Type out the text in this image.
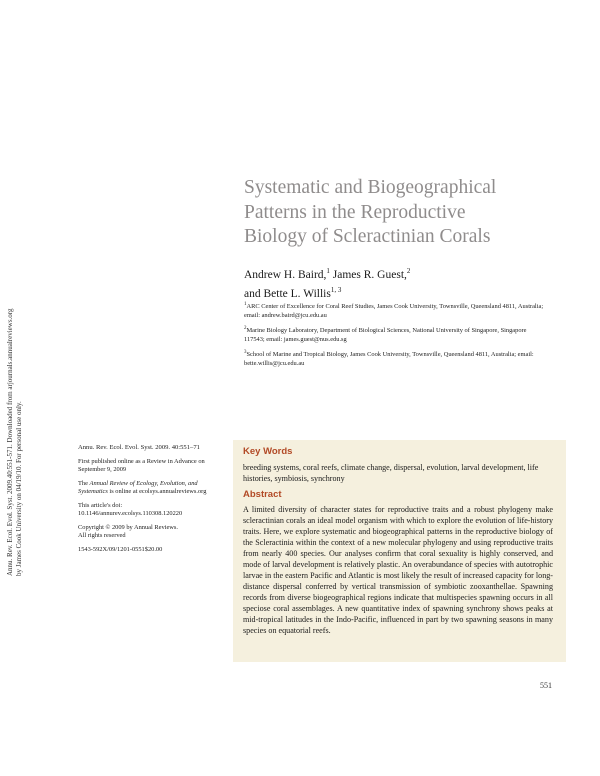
Annu. Rev. Ecol. Evol. Syst. 2009.40:551-571. Downloaded from arjournals.annualreviews.org by James Cook University on 04/19/10. For personal use only.
Systematic and Biogeographical
Patterns in the Reproductive
Biology of Scleractinian Corals
Andrew H. Baird,$^1$ James R. Guest,$^2$
and Bette L. Willis$^{1, 3}$
$^1$ARC Center of Excellence for Coral Reef Studies, James Cook University, Townsville, Queensland 4811, Australia; email: andrew.baird@jcu.edu.au
$^2$Marine Biology Laboratory, Department of Biological Sciences, National University of Singapore, Singapore 117543; email: james.guest@nus.edu.sg
$^3$School of Marine and Tropical Biology, James Cook University, Townsville, Queensland 4811, Australia; email: bette.willis@jcu.edu.au
Annu. Rev. Ecol. Evol. Syst. 2009. 40:551–71
First published online as a Review in Advance on September 9, 2009
The Annual Review of Ecology, Evolution, and Systematics is online at ecolsys.annualreviews.org
This article's doi:
10.1146/annurev.ecolsys.110308.120220
Copyright © 2009 by Annual Reviews.
All rights reserved
1543-592X/09/1201-0551$20.00
Key Words
breeding systems, coral reefs, climate change, dispersal, evolution, larval development, life histories, symbiosis, synchrony
Abstract
A limited diversity of character states for reproductive traits and a robust phylogeny make scleractinian corals an ideal model organism with which to explore the evolution of life-history traits. Here, we explore systematic and biogeographical patterns in the reproductive biology of the Scleractinia within the context of a new molecular phylogeny and using reproductive traits from nearly 400 species. Our analyses confirm that coral sexuality is highly conserved, and mode of larval development is relatively plastic. An overabundance of species with autotrophic larvae in the eastern Pacific and Atlantic is most likely the result of increased capacity for long-distance dispersal conferred by vertical transmission of symbiotic zooxanthellae. Spawning records from diverse biogeographical regions indicate that multispecies spawning occurs in all speciose coral assemblages. A new quantitative index of spawning synchrony shows peaks at mid-tropical latitudes in the Indo-Pacific, influenced in part by two spawning seasons in many species on equatorial reefs.
551
